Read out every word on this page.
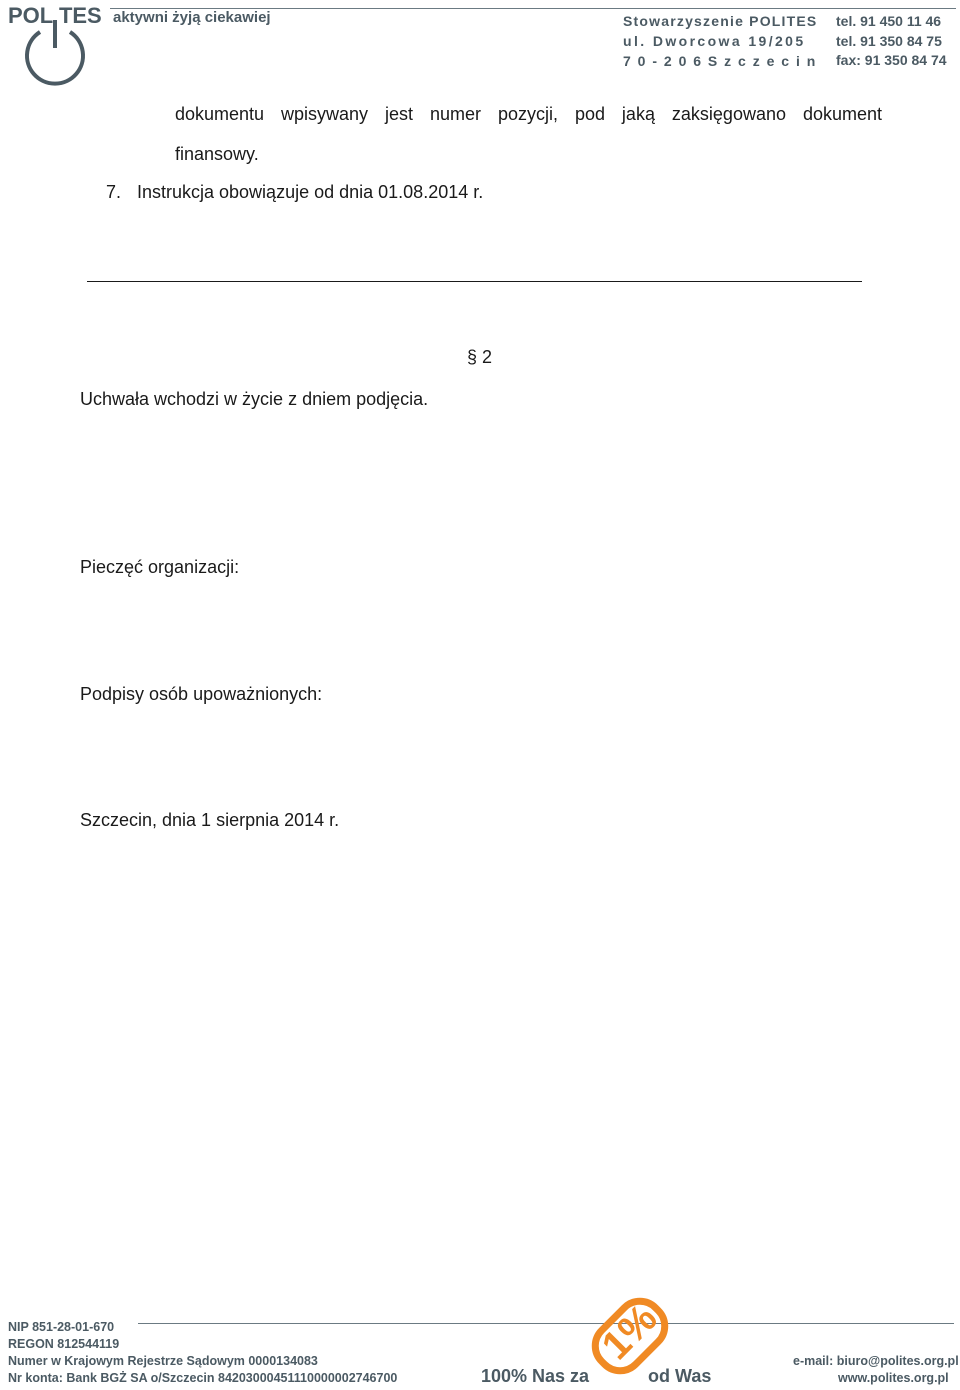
POL TES aktywni żyją ciekawiej	Stowarzyszenie POLITES
ul. Dworcowa 19/205
7 0 - 2 0 6 S z c z e c i n
tel. 91 450 11 46
tel. 91 350 84 75
fax: 91 350 84 74
dokumentu wpisywany jest numer pozycji, pod jaką zaksięgowano dokument
finansowy.
7. Instrukcja obowiązuje od dnia 01.08.2014 r.
§ 2
Uchwała wchodzi w życie z dniem podjęcia.
Pieczęć organizacji:
Podpisy osób upoważnionych:
Szczecin, dnia 1 sierpnia 2014 r.
NIP 851-28-01-670
REGON 812544119
Numer w Krajowym Rejestrze Sądowym 0000134083
Nr konta: Bank BGŻ SA o/Szczecin 84203000451110000002746700	100% Nas za
1%
od Was
e-mail: biuro@polites.org.pl
www.polites.org.pl
